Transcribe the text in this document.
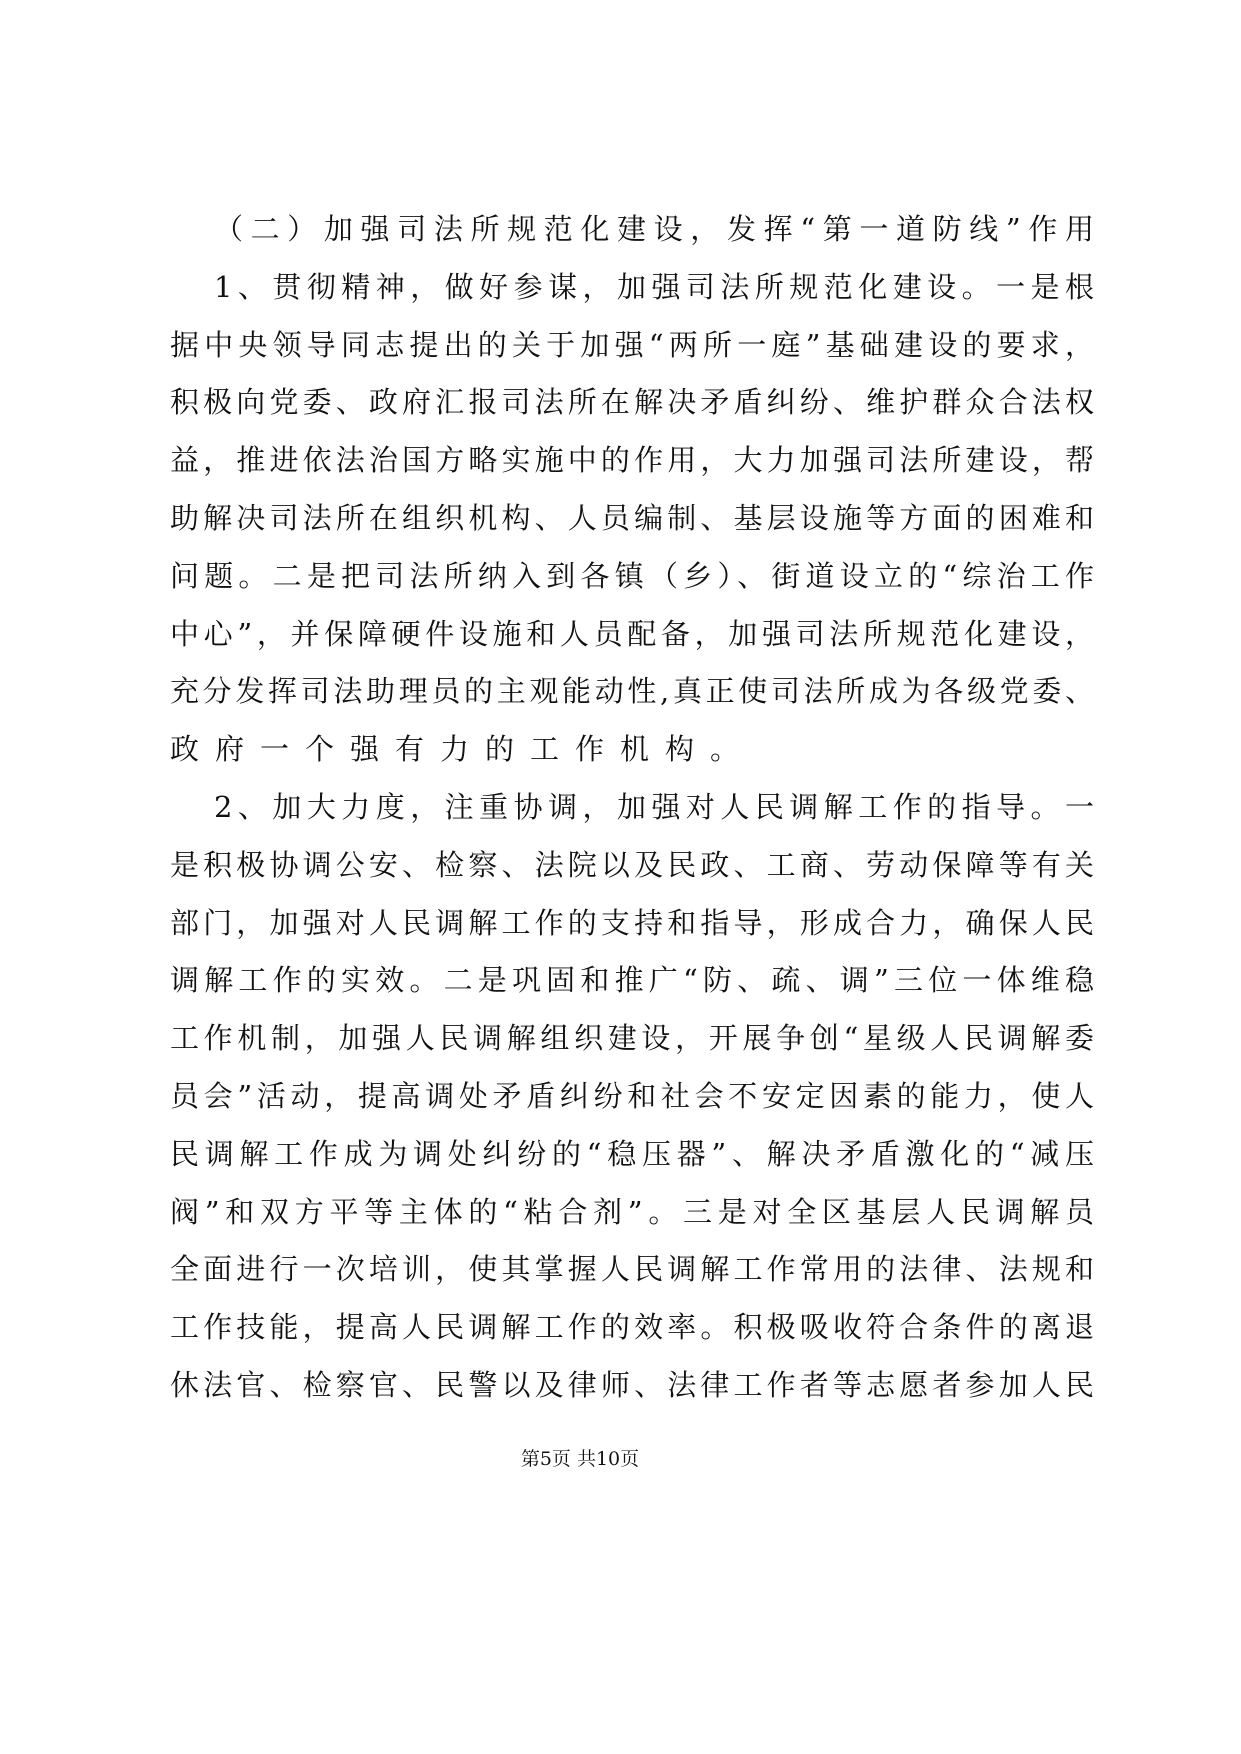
（二）加强司法所规范化建设，发挥“第一道防线”作用
1、贯彻精神，做好参谋，加强司法所规范化建设。一是根
据中央领导同志提出的关于加强“两所一庭”基础建设的要求，
积极向党委、政府汇报司法所在解决矛盾纠纷、维护群众合法权
益，推进依法治国方略实施中的作用，大力加强司法所建设，帮
助解决司法所在组织机构、人员编制、基层设施等方面的困难和
问题。二是把司法所纳入到各镇（乡）、街道设立的“综治工作
中心”，并保障硬件设施和人员配备，加强司法所规范化建设，
充分发挥司法助理员的主观能动性,真正使司法所成为各级党委、
政府一个强有力的工作机构。
2、加大力度，注重协调，加强对人民调解工作的指导。一
是积极协调公安、检察、法院以及民政、工商、劳动保障等有关
部门，加强对人民调解工作的支持和指导，形成合力，确保人民
调解工作的实效。二是巩固和推广“防、疏、调”三位一体维稳
工作机制，加强人民调解组织建设，开展争创“星级人民调解委
员会”活动，提高调处矛盾纠纷和社会不安定因素的能力，使人
民调解工作成为调处纠纷的“稳压器”、解决矛盾激化的“减压
阀”和双方平等主体的“粘合剂”。三是对全区基层人民调解员
全面进行一次培训，使其掌握人民调解工作常用的法律、法规和
工作技能，提高人民调解工作的效率。积极吸收符合条件的离退
休法官、检察官、民警以及律师、法律工作者等志愿者参加人民
第5页 共10页
